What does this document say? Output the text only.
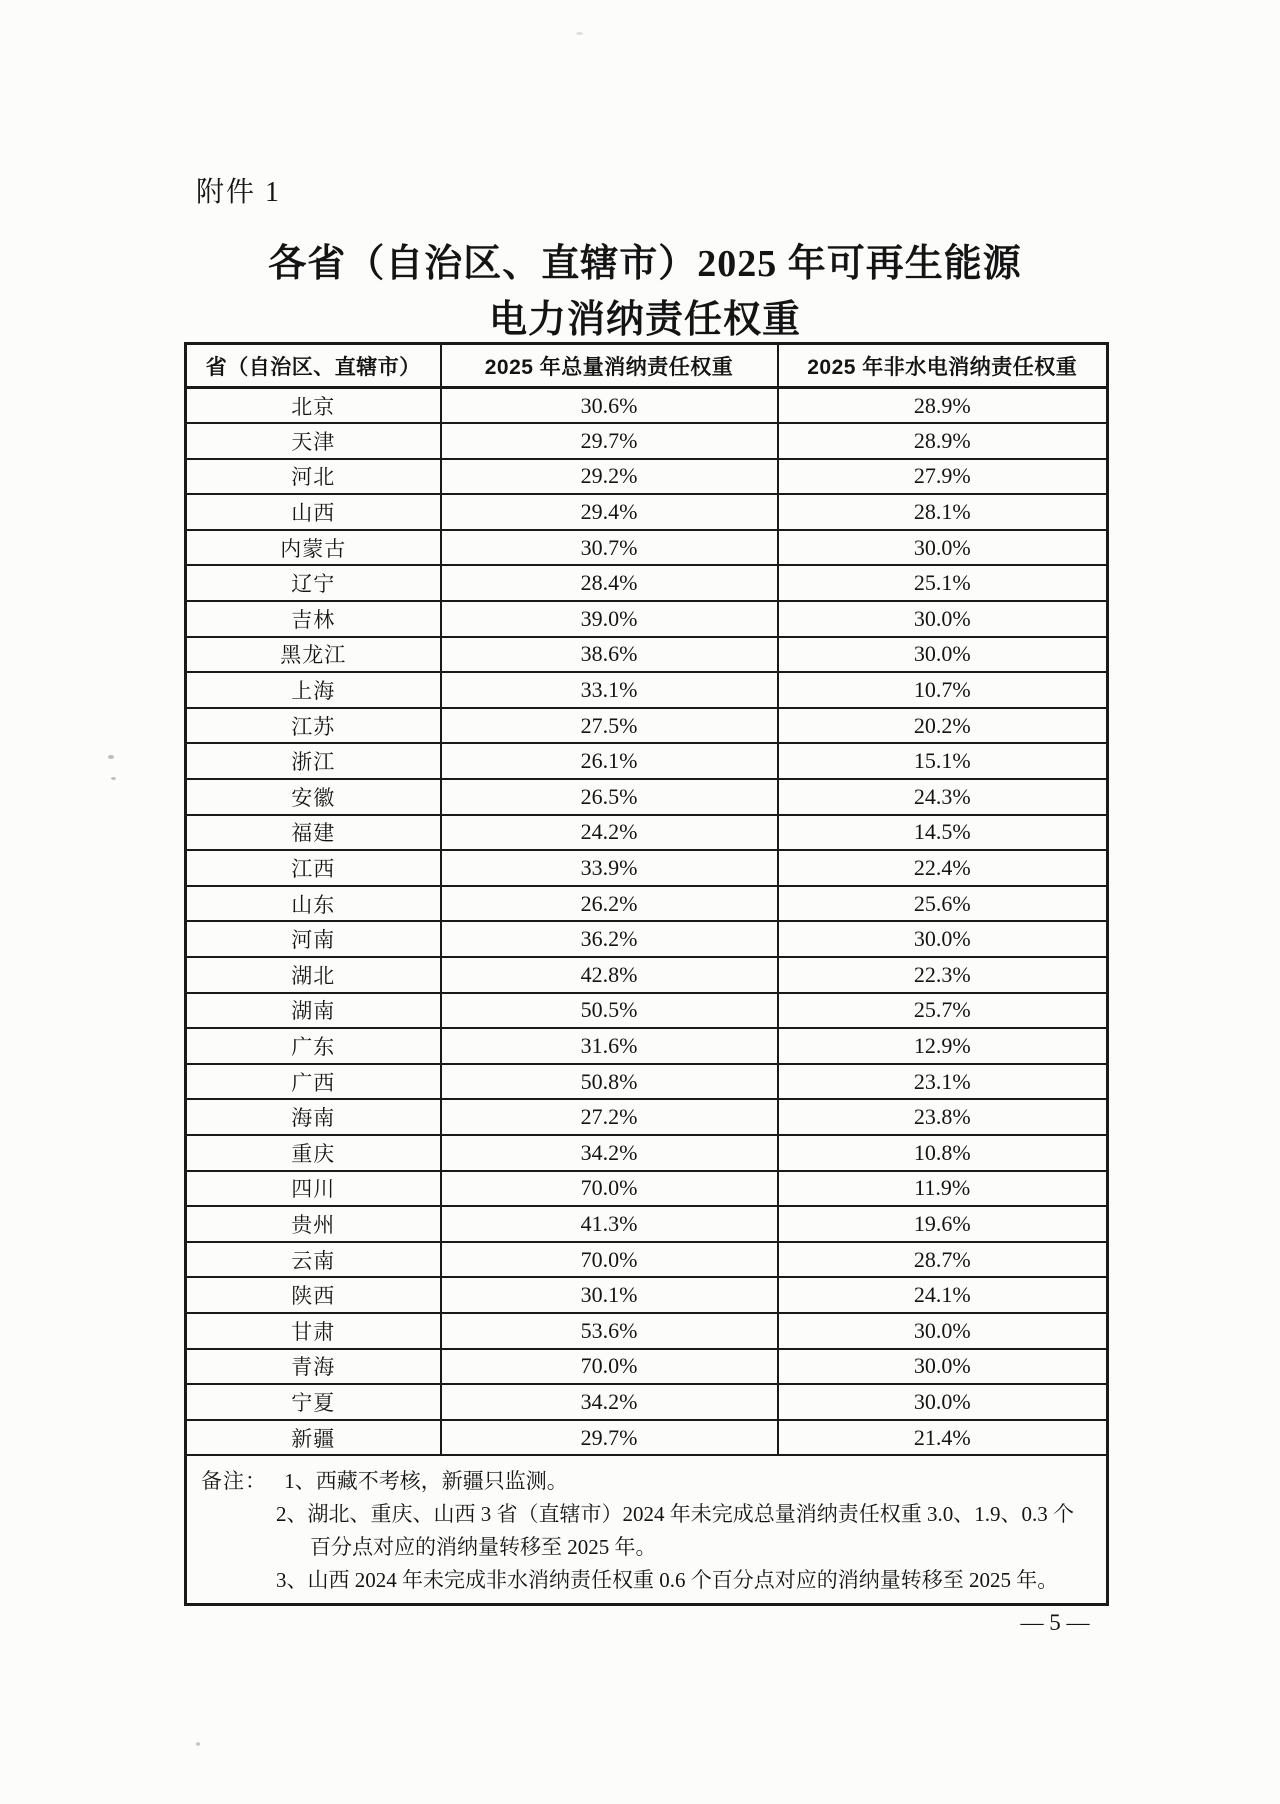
附件 1
各省（自治区、直辖市）2025 年可再生能源
电力消纳责任权重
省（自治区、直辖市）	2025 年总量消纳责任权重	2025 年非水电消纳责任权重
北京	30.6%	28.9%
天津	29.7%	28.9%
河北	29.2%	27.9%
山西	29.4%	28.1%
内蒙古	30.7%	30.0%
辽宁	28.4%	25.1%
吉林	39.0%	30.0%
黑龙江	38.6%	30.0%
上海	33.1%	10.7%
江苏	27.5%	20.2%
浙江	26.1%	15.1%
安徽	26.5%	24.3%
福建	24.2%	14.5%
江西	33.9%	22.4%
山东	26.2%	25.6%
河南	36.2%	30.0%
湖北	42.8%	22.3%
湖南	50.5%	25.7%
广东	31.6%	12.9%
广西	50.8%	23.1%
海南	27.2%	23.8%
重庆	34.2%	10.8%
四川	70.0%	11.9%
贵州	41.3%	19.6%
云南	70.0%	28.7%
陕西	30.1%	24.1%
甘肃	53.6%	30.0%
青海	70.0%	30.0%
宁夏	34.2%	30.0%
新疆	29.7%	21.4%

备注： 1、西藏不考核，新疆只监测。
2、湖北、重庆、山西 3 省（直辖市）2024 年未完成总量消纳责任权重 3.0、1.9、0.3 个百分点对应的消纳量转移至 2025 年。
3、山西 2024 年未完成非水消纳责任权重 0.6 个百分点对应的消纳量转移至 2025 年。		
— 5 —
